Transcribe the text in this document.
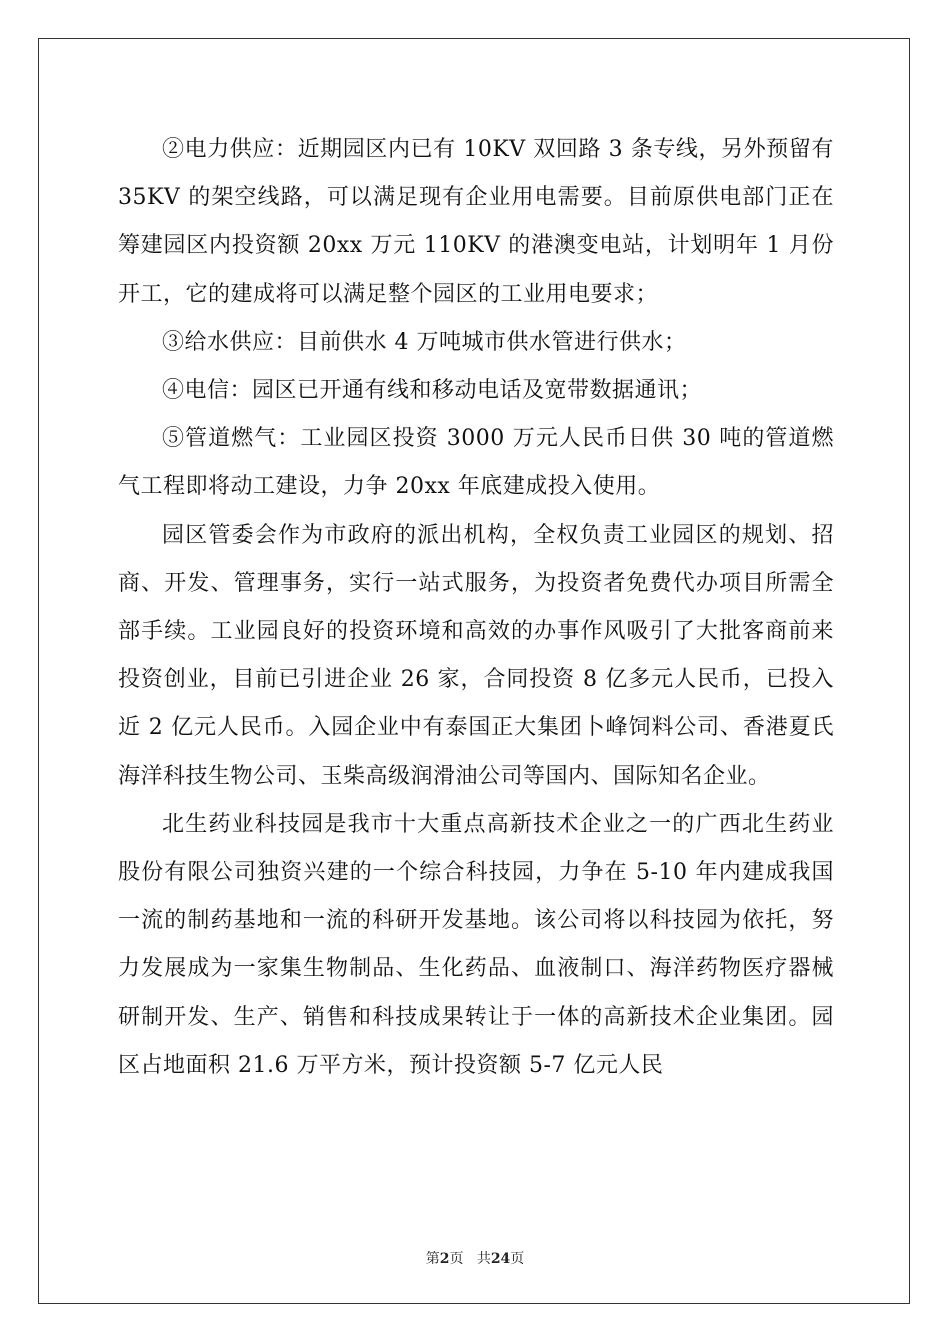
②电力供应：近期园区内已有 10KV 双回路 3 条专线，另外预留有 35KV 的架空线路，可以满足现有企业用电需要。目前原供电部门正在筹建园区内投资额 20xx 万元 110KV 的港澳变电站，计划明年 1 月份开工，它的建成将可以满足整个园区的工业用电要求；

③给水供应：目前供水 4 万吨城市供水管进行供水；

④电信：园区已开通有线和移动电话及宽带数据通讯；

⑤管道燃气：工业园区投资 3000 万元人民币日供 30 吨的管道燃气工程即将动工建设，力争 20xx 年底建成投入使用。

园区管委会作为市政府的派出机构，全权负责工业园区的规划、招商、开发、管理事务，实行一站式服务，为投资者免费代办项目所需全部手续。工业园良好的投资环境和高效的办事作风吸引了大批客商前来投资创业，目前已引进企业 26 家，合同投资 8 亿多元人民币，已投入近 2 亿元人民币。入园企业中有泰国正大集团卜峰饲料公司、香港夏氏海洋科技生物公司、玉柴高级润滑油公司等国内、国际知名企业。

北生药业科技园是我市十大重点高新技术企业之一的广西北生药业股份有限公司独资兴建的一个综合科技园，力争在 5-10 年内建成我国一流的制药基地和一流的科研开发基地。该公司将以科技园为依托，努力发展成为一家集生物制品、生化药品、血液制口、海洋药物医疗器械研制开发、生产、销售和科技成果转让于一体的高新技术企业集团。园区占地面积 21.6 万平方米，预计投资额 5-7 亿元人民

第2页 共24页
